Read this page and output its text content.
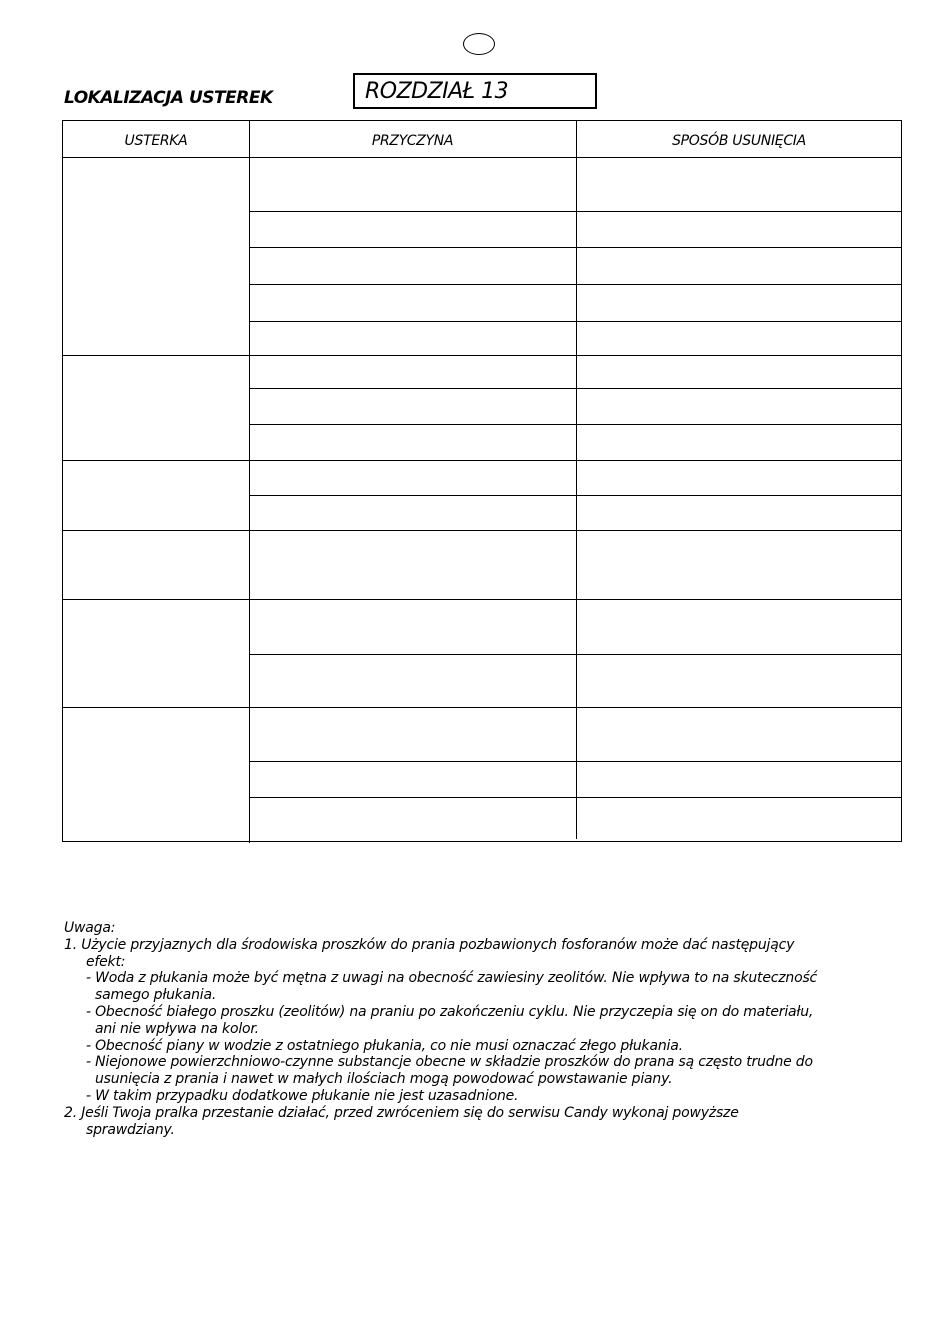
LOKALIZACJA USTEREK	ROZDZIAŁ 13
USTERKA	PRZYCZYNA	SPOSÓB USUNIĘCIA
Uwaga:
1. Użycie przyjaznych dla środowiska proszków do prania pozbawionych fosforanów może dać następujący
efekt:
- Woda z płukania może być mętna z uwagi na obecność zawiesiny zeolitów. Nie wpływa to na skuteczność
samego płukania.
- Obecność białego proszku (zeolitów) na praniu po zakończeniu cyklu. Nie przyczepia się on do materiału,
ani nie wpływa na kolor.
- Obecność piany w wodzie z ostatniego płukania, co nie musi oznaczać złego płukania.
- Niejonowe powierzchniowo-czynne substancje obecne w składzie proszków do prana są często trudne do
usunięcia z prania i nawet w małych ilościach mogą powodować powstawanie piany.
- W takim przypadku dodatkowe płukanie nie jest uzasadnione.
2. Jeśli Twoja pralka przestanie działać, przed zwróceniem się do serwisu Candy wykonaj powyższe
sprawdziany.
